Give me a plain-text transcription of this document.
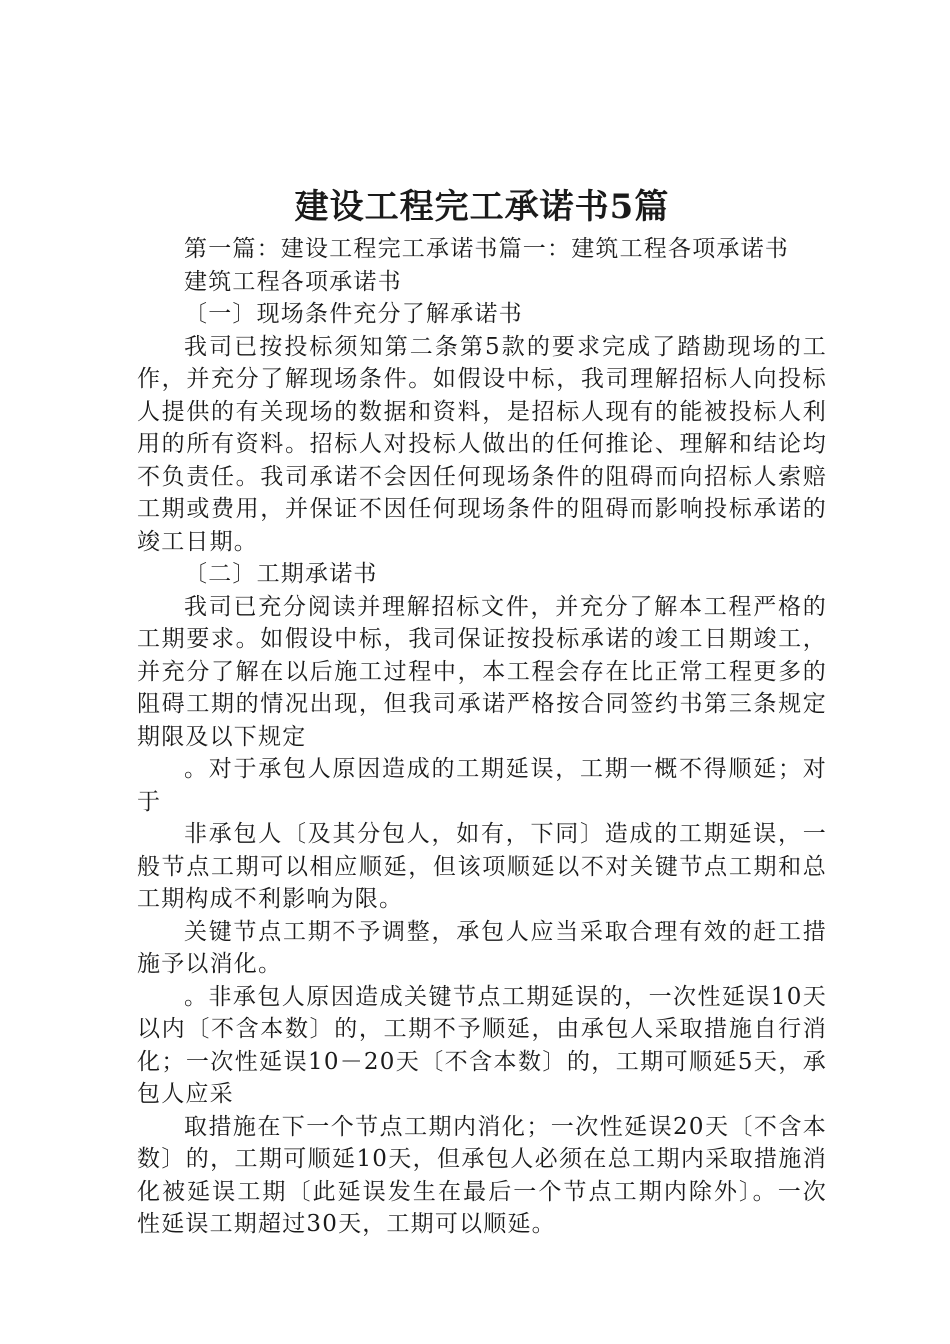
建设工程完工承诺书5篇

第一篇：建设工程完工承诺书篇一：建筑工程各项承诺书

建筑工程各项承诺书

〔一〕现场条件充分了解承诺书

我司已按投标须知第二条第5款的要求完成了踏勘现场的工作，并充分了解现场条件。如假设中标，我司理解招标人向投标人提供的有关现场的数据和资料，是招标人现有的能被投标人利用的所有资料。招标人对投标人做出的任何推论、理解和结论均不负责任。我司承诺不会因任何现场条件的阻碍而向招标人索赔工期或费用，并保证不因任何现场条件的阻碍而影响投标承诺的竣工日期。

〔二〕工期承诺书

我司已充分阅读并理解招标文件，并充分了解本工程严格的工期要求。如假设中标，我司保证按投标承诺的竣工日期竣工，并充分了解在以后施工过程中，本工程会存在比正常工程更多的阻碍工期的情况出现，但我司承诺严格按合同签约书第三条规定期限及以下规定

。对于承包人原因造成的工期延误，工期一概不得顺延；对于

非承包人〔及其分包人，如有，下同〕造成的工期延误，一般节点工期可以相应顺延，但该项顺延以不对关键节点工期和总工期构成不利影响为限。

关键节点工期不予调整，承包人应当采取合理有效的赶工措施予以消化。

。非承包人原因造成关键节点工期延误的，一次性延误10天以内〔不含本数〕的，工期不予顺延，由承包人采取措施自行消化；一次性延误10－20天〔不含本数〕的，工期可顺延5天，承包人应采

取措施在下一个节点工期内消化；一次性延误20天〔不含本数〕的，工期可顺延10天，但承包人必须在总工期内采取措施消化被延误工期〔此延误发生在最后一个节点工期内除外〕。一次性延误工期超过30天，工期可以顺延。
